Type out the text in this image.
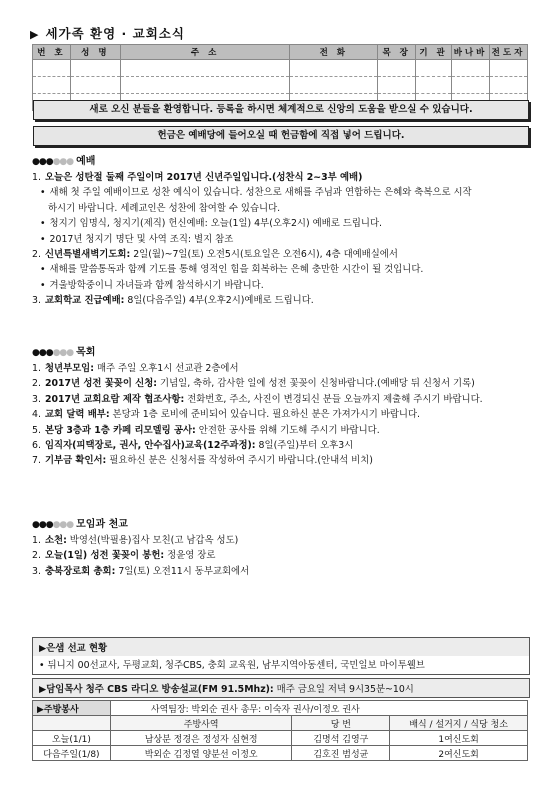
▶ 세가족 환영 · 교회소식
번 호	성 명	주 소	전 화	목 장	기 관	바나바	전도자

새로 오신 분들을 환영합니다. 등록을 하시면 체계적으로 신앙의 도움을 받으실 수 있습니다.
헌금은 예배당에 들어오실 때 헌금함에 직접 넣어 드립니다.
●●●●●● 예배
1. 오늘은 성탄절 둘째 주일이며 2017년 신년주일입니다.(성찬식 2~3부 예배)
• 새해 첫 주일 예배이므로 성찬 예식이 있습니다. 성찬으로 새해를 주님과 연합하는 은혜와 축복으로 시작
하시기 바랍니다. 세례교인은 성찬에 참여할 수 있습니다.
• 청지기 임명식, 청지기(제직) 헌신예배: 오늘(1일) 4부(오후2시) 예배로 드립니다.
• 2017년 청지기 명단 및 사역 조직: 별지 참조
2. 신년특별새벽기도회: 2일(월)~7일(토) 오전5시(토요일은 오전6시), 4층 대예배실에서
• 새해를 말씀통독과 함께 기도를 통해 영적인 힘을 회복하는 은혜 충만한 시간이 될 것입니다.
• 겨울방학중이니 자녀들과 함께 참석하시기 바랍니다.
3. 교회학교 진급예배: 8일(다음주일) 4부(오후2시)예배로 드립니다.
●●●●●● 목회
1. 청년부모임: 매주 주일 오후1시 선교관 2층에서
2. 2017년 성전 꽃꽂이 신청: 기념일, 축하, 감사한 일에 성전 꽃꽂이 신청바랍니다.(예배당 뒤 신청서 기록)
3. 2017년 교회요람 제작 협조사항: 전화번호, 주소, 사진이 변경되신 분들 오늘까지 제출해 주시기 바랍니다.
4. 교회 달력 배부: 본당과 1층 로비에 준비되어 있습니다. 필요하신 분은 가져가시기 바랍니다.
5. 본당 3층과 1층 카페 리모델링 공사: 안전한 공사를 위해 기도해 주시기 바랍니다.
6. 임직자(피택장로, 권사, 안수집사)교육(12주과정): 8일(주일)부터 오후3시
7. 기부금 확인서: 필요하신 분은 신청서를 작성하여 주시기 바랍니다.(안내석 비치)
●●●●●● 모임과 천교
1. 소천: 박영선(박필용)집사 모친(고 남갑옥 성도)
2. 오늘(1일) 성전 꽃꽂이 봉헌: 정윤영 장로
3. 충북장로회 총회: 7일(토) 오전11시 동부교회에서
▶은샘 선교 현황
• 뒤니지 00선교사, 두평교회, 청주CBS, 충회 교육원, 남부지역아동센터, 국민일보 마이투웰브
▶담임목사 청주 CBS 라디오 방송설교(FM 91.5Mhz): 매주 금요일 저녁 9시35분~10시
▶주방봉사	사역팀장: 박외순 권사 총무: 이숙자 권사/이정오 권사		
	주방사역	당 번	배식 / 설거지 / 식당 청소
오늘(1/1)	남상분 정경은 정성자 심현정	김명석 김영구	1여신도회
다음주일(1/8)	박외순 김정열 양분선 이정오	김호진 범성균	2여신도회
